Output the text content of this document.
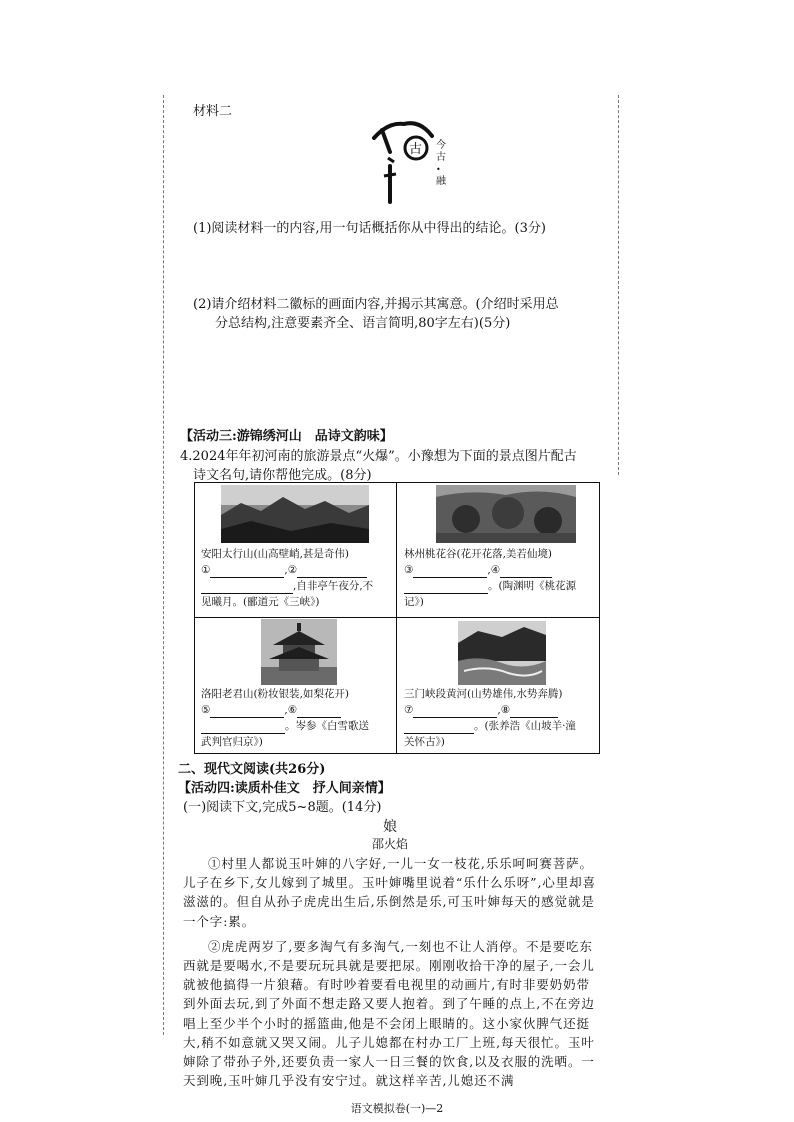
材料二
古 今
古
•
融
(1)阅读材料一的内容,用一句话概括你从中得出的结论。(3分)
(2)请介绍材料二徽标的画面内容,并揭示其寓意。(介绍时采用总
分总结构,注意要素齐全、语言简明,80字左右)(5分)
【活动三:游锦绣河山　品诗文韵味】
4.2024年年初河南的旅游景点“火爆”。小豫想为下面的景点图片配古
诗文名句,请你帮他完成。(8分)
安阳太行山(山高壁峭,甚是奇伟)
①	,②
,自非亭午夜分,不
见曦月。(郦道元《三峡》)
林州桃花谷(花开花落,美若仙境)
③	,④
。(陶渊明《桃花源
记》)
洛阳老君山(粉妆银装,如梨花开)
⑤	,⑥
。岑参《白雪歌送
武判官归京》)
三门峡段黄河(山势雄伟,水势奔腾)
⑦	,⑧
。(张养浩《山坡羊·潼
关怀古》)
二、现代文阅读(共26分)
【活动四:读质朴佳文　抒人间亲情】
(一)阅读下文,完成5~8题。(14分)
娘
邵火焰

①村里人都说玉叶婶的八字好,一儿一女一枝花,乐乐呵呵赛菩萨。儿子在乡下,女儿嫁到了城里。玉叶婶嘴里说着“乐什么乐呀”,心里却喜滋滋的。但自从孙子虎虎出生后,乐倒然是乐,可玉叶婶每天的感觉就是一个字:累。

②虎虎两岁了,要多淘气有多淘气,一刻也不让人消停。不是要吃东西就是要喝水,不是要玩玩具就是要把尿。刚刚收拾干净的屋子,一会儿就被他搞得一片狼藉。有时吵着要看电视里的动画片,有时非要奶奶带到外面去玩,到了外面不想走路又要人抱着。到了午睡的点上,不在旁边唱上至少半个小时的摇篮曲,他是不会闭上眼睛的。这小家伙脾气还挺大,稍不如意就又哭又闹。儿子儿媳都在村办工厂上班,每天很忙。玉叶婶除了带孙子外,还要负责一家人一日三餐的饮食,以及衣服的洗晒。一天到晚,玉叶婶几乎没有安宁过。就这样辛苦,儿媳还不满

语文模拟卷(一)—2
